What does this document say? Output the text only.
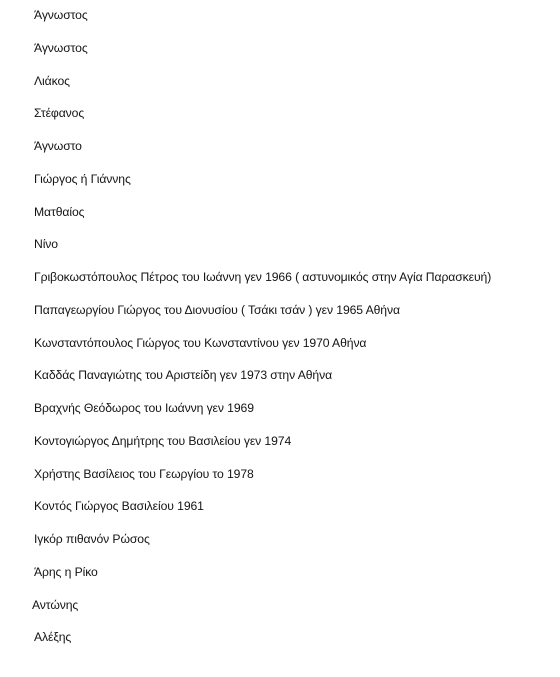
Άγνωστος
Άγνωστος
Λιάκος
Στέφανος
Άγνωστο
Γιώργος ή Γιάννης
Ματθαίος
Νίνο
Γριβοκωστόπουλος Πέτρος του Ιωάννη γεν 1966 ( αστυνομικός στην Αγία Παρασκευή)
Παπαγεωργίου Γιώργος του Διονυσίου ( Τσάκι τσάν ) γεν 1965 Αθήνα
Κωνσταντόπουλος Γιώργος του Κωνσταντίνου γεν 1970 Αθήνα
Καδδάς Παναγιώτης του Αριστείδη γεν 1973 στην Αθήνα
Βραχνής Θεόδωρος του Ιωάννη γεν 1969
Κοντογιώργος Δημήτρης του Βασιλείου γεν 1974
Χρήστης Βασίλειος του Γεωργίου το 1978
Κοντός Γιώργος Βασιλείου 1961
Ιγκόρ πιθανόν Ρώσος
Άρης η Ρίκο
Αντώνης
Αλέξης
